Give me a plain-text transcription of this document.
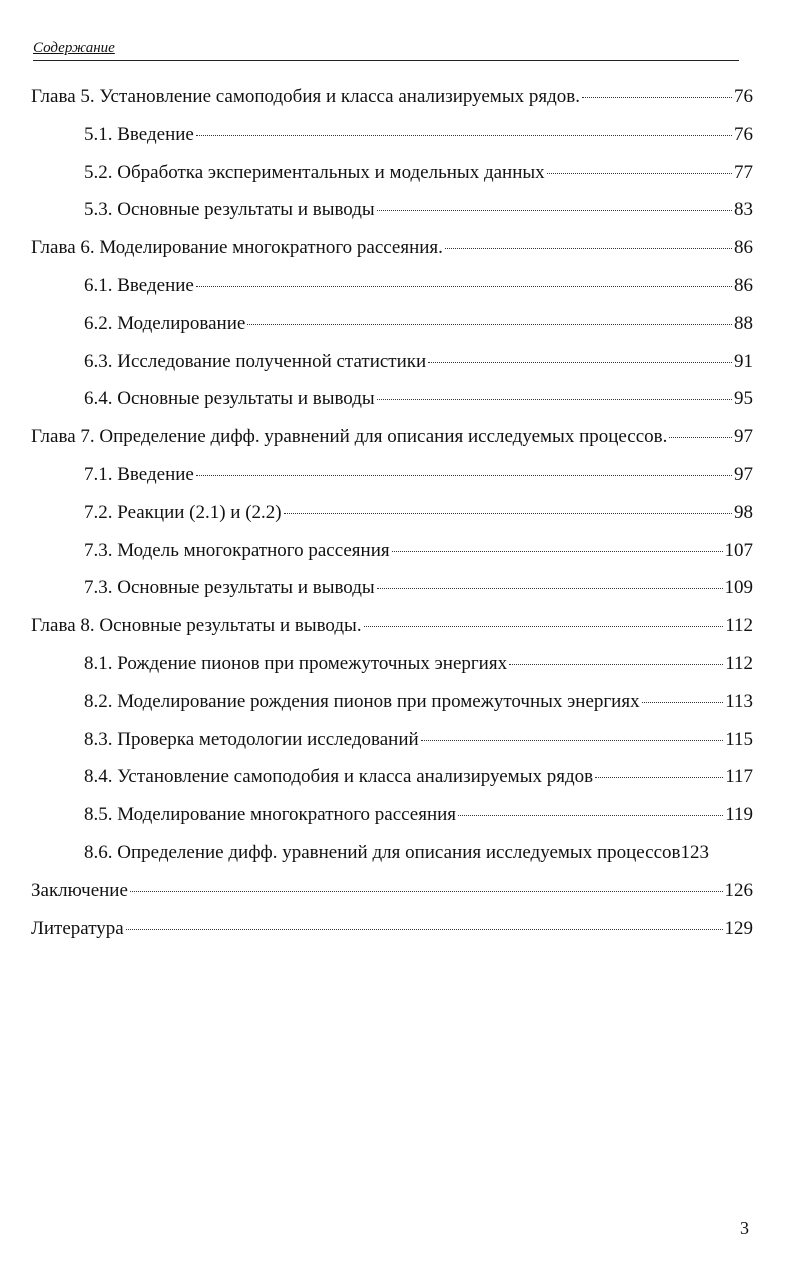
Содержание
Глава 5. Установление самоподобия и класса анализируемых рядов.	76
5.1. Введение	76
5.2. Обработка экспериментальных и модельных данных	77
5.3. Основные результаты и выводы	83
Глава 6. Моделирование многократного рассеяния.	86
6.1. Введение	86
6.2. Моделирование	88
6.3. Исследование полученной статистики	91
6.4. Основные результаты и выводы	95
Глава 7. Определение дифф. уравнений для описания исследуемых процессов.	97
7.1. Введение	97
7.2. Реакции (2.1) и (2.2)	98
7.3. Модель многократного рассеяния	107
7.3. Основные результаты и выводы	109
Глава 8. Основные результаты и выводы.	112
8.1. Рождение пионов при промежуточных энергиях	112
8.2. Моделирование рождения пионов при промежуточных энергиях	113
8.3. Проверка методологии исследований	115
8.4. Установление самоподобия и класса анализируемых рядов	117
8.5. Моделирование многократного рассеяния	119
8.6. Определение дифф. уравнений для описания исследуемых процессов 123
Заключение	126
Литература	129
3
